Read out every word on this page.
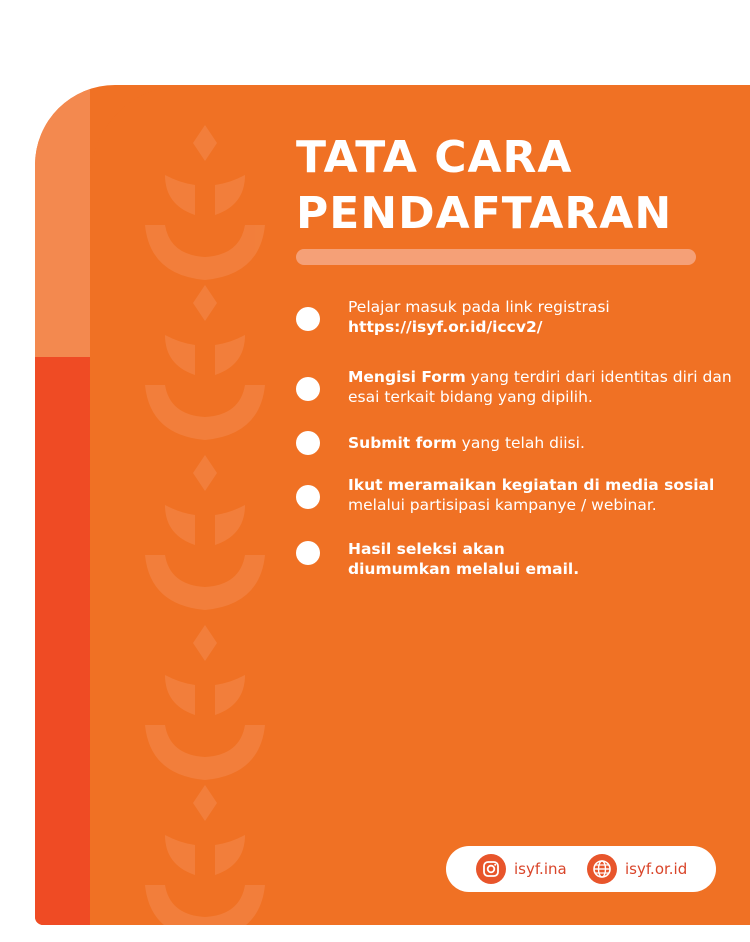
TATA CARA
PENDAFTARAN
Pelajar masuk pada link registrasi
https://isyf.or.id/iccv2/
Mengisi Form yang terdiri dari identitas diri dan esai terkait bidang yang dipilih.
Submit form yang telah diisi.
Ikut meramaikan kegiatan di media sosial
melalui partisipasi kampanye / webinar.
Hasil seleksi akan diumumkan melalui email.
isyf.ina	isyf.or.id
